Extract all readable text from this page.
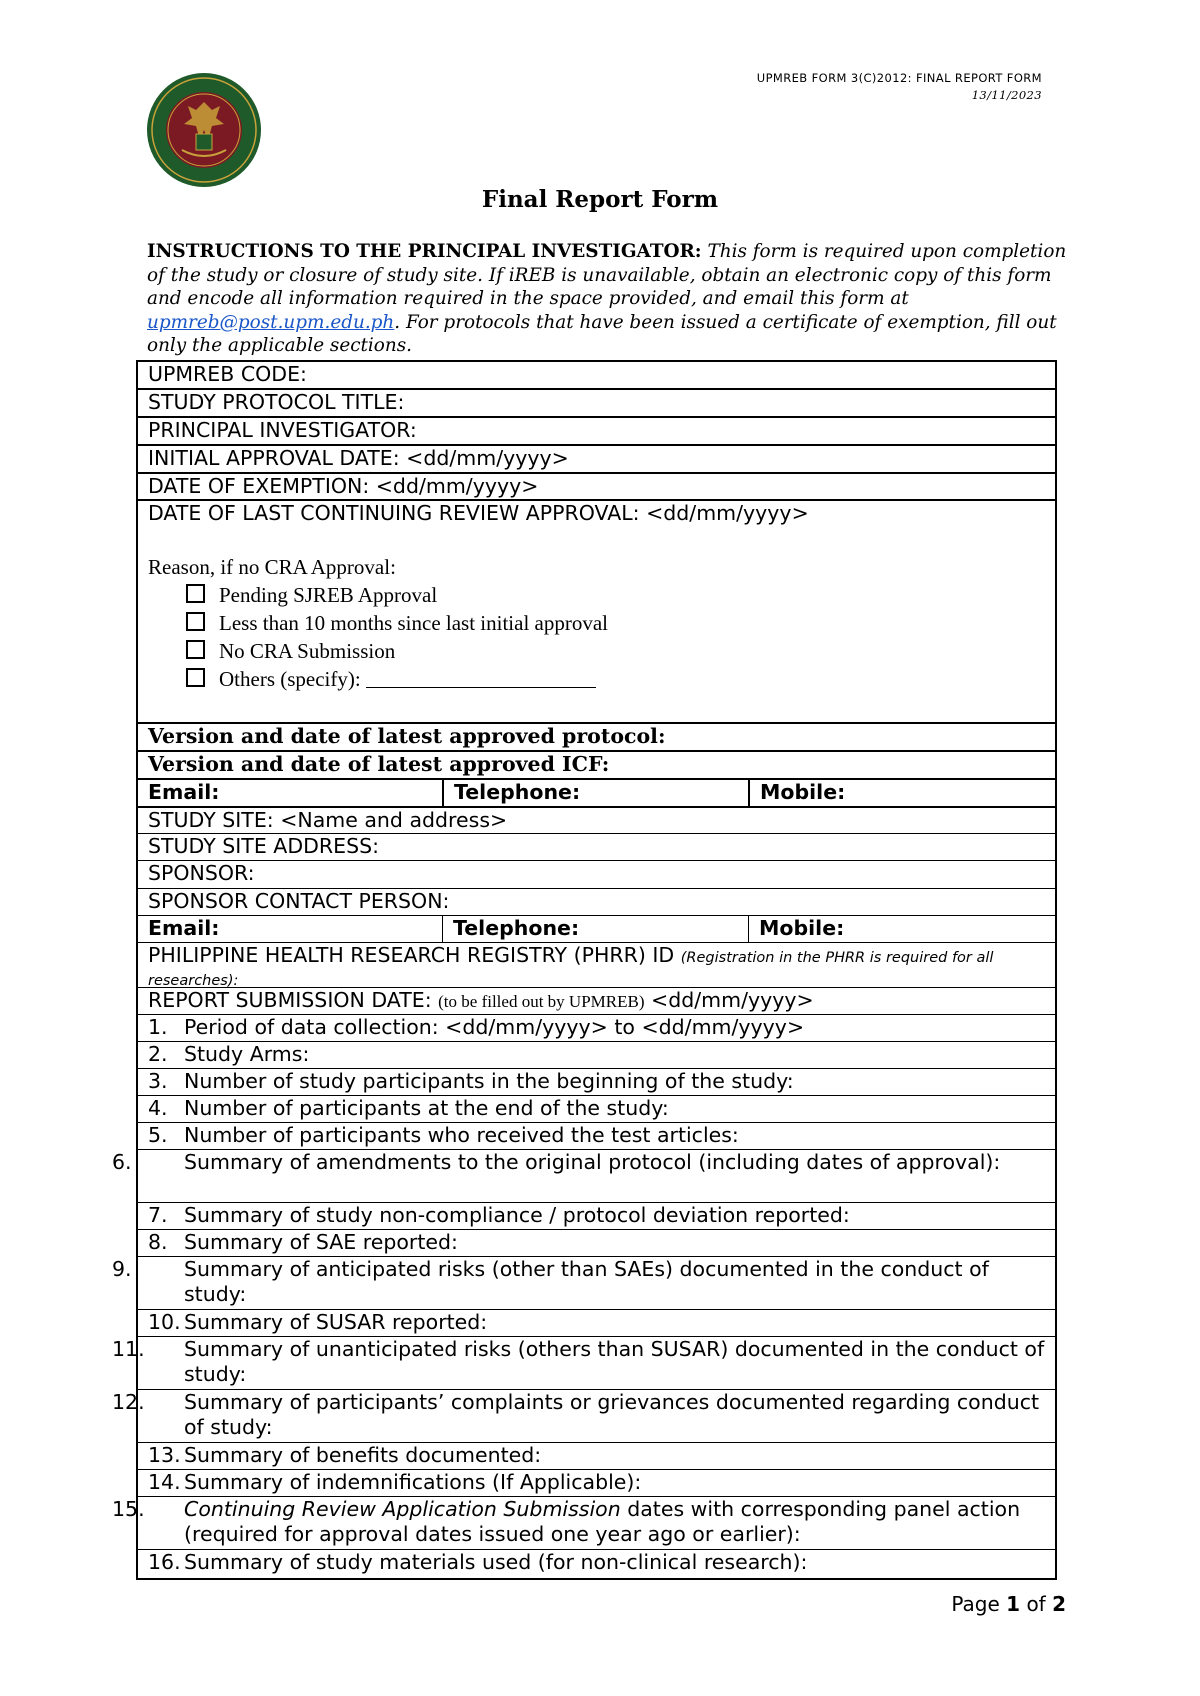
UPMREB FORM 3(C)2012: FINAL REPORT FORM
13/11/2023
Final Report Form
INSTRUCTIONS TO THE PRINCIPAL INVESTIGATOR: This form is required upon completion of the study or closure of study site. If iREB is unavailable, obtain an electronic copy of this form and encode all information required in the space provided, and email this form at upmreb@post.upm.edu.ph. For protocols that have been issued a certificate of exemption, fill out only the applicable sections.
UPMREB CODE:
STUDY PROTOCOL TITLE:
PRINCIPAL INVESTIGATOR:
INITIAL APPROVAL DATE: <dd/mm/yyyy>
DATE OF EXEMPTION: <dd/mm/yyyy>
DATE OF LAST CONTINUING REVIEW APPROVAL: <dd/mm/yyyy>
Reason, if no CRA Approval:
Pending SJREB Approval
Less than 10 months since last initial approval
No CRA Submission
Others (specify):
Version and date of latest approved protocol:
Version and date of latest approved ICF:
Email:	Telephone:	Mobile:
STUDY SITE: <Name and address>
STUDY SITE ADDRESS:
SPONSOR:
SPONSOR CONTACT PERSON:
Email:	Telephone:	Mobile:
PHILIPPINE HEALTH RESEARCH REGISTRY (PHRR) ID (Registration in the PHRR is required for all researches):
REPORT SUBMISSION DATE: (to be filled out by UPMREB) <dd/mm/yyyy>
1. Period of data collection: <dd/mm/yyyy> to <dd/mm/yyyy>
2. Study Arms:
3. Number of study participants in the beginning of the study:
4. Number of participants at the end of the study:
5. Number of participants who received the test articles:
6.	Summary of amendments to the original protocol (including dates of approval):
7. Summary of study non-compliance / protocol deviation reported:
8. Summary of SAE reported:
9.	Summary of anticipated risks (other than SAEs) documented in the conduct of study:
10. Summary of SUSAR reported:
11. Summary of unanticipated risks (others than SUSAR) documented in the conduct of study:
12. Summary of participants’ complaints or grievances documented regarding conduct of study:
13. Summary of benefits documented:
14. Summary of indemnifications (If Applicable):
15. Continuing Review Application Submission dates with corresponding panel action (required for approval dates issued one year ago or earlier):
16. Summary of study materials used (for non-clinical research):
Page 1 of 2
